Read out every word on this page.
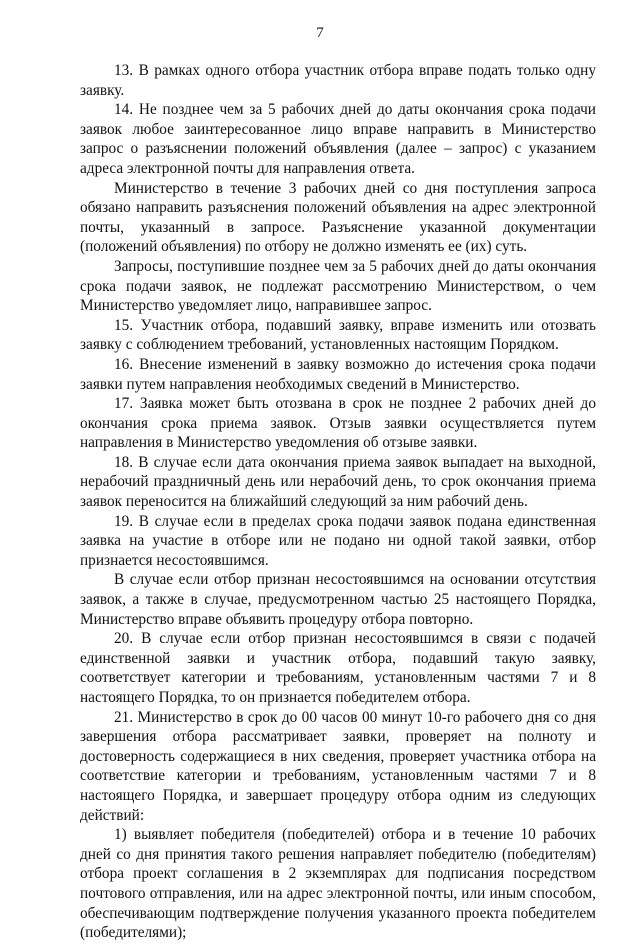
7

13. В рамках одного отбора участник отбора вправе подать только одну заявку.

14. Не позднее чем за 5 рабочих дней до даты окончания срока подачи заявок любое заинтересованное лицо вправе направить в Министерство запрос о разъяснении положений объявления (далее – запрос) с указанием адреса электронной почты для направления ответа.

Министерство в течение 3 рабочих дней со дня поступления запроса обязано направить разъяснения положений объявления на адрес электронной почты, указанный в запросе. Разъяснение указанной документации (положений объявления) по отбору не должно изменять ее (их) суть.

Запросы, поступившие позднее чем за 5 рабочих дней до даты окончания срока подачи заявок, не подлежат рассмотрению Министерством, о чем Министерство уведомляет лицо, направившее запрос.

15. Участник отбора, подавший заявку, вправе изменить или отозвать заявку с соблюдением требований, установленных настоящим Порядком.

16. Внесение изменений в заявку возможно до истечения срока подачи заявки путем направления необходимых сведений в Министерство.

17. Заявка может быть отозвана в срок не позднее 2 рабочих дней до окончания срока приема заявок. Отзыв заявки осуществляется путем направления в Министерство уведомления об отзыве заявки.

18. В случае если дата окончания приема заявок выпадает на выходной, нерабочий праздничный день или нерабочий день, то срок окончания приема заявок переносится на ближайший следующий за ним рабочий день.

19. В случае если в пределах срока подачи заявок подана единственная заявка на участие в отборе или не подано ни одной такой заявки, отбор признается несостоявшимся.

В случае если отбор признан несостоявшимся на основании отсутствия заявок, а также в случае, предусмотренном частью 25 настоящего Порядка, Министерство вправе объявить процедуру отбора повторно.

20. В случае если отбор признан несостоявшимся в связи с подачей единственной заявки и участник отбора, подавший такую заявку, соответствует категории и требованиям, установленным частями 7 и 8 настоящего Порядка, то он признается победителем отбора.

21. Министерство в срок до 00 часов 00 минут 10-го рабочего дня со дня завершения отбора рассматривает заявки, проверяет на полноту и достоверность содержащиеся в них сведения, проверяет участника отбора на соответствие категории и требованиям, установленным частями 7 и 8 настоящего Порядка, и завершает процедуру отбора одним из следующих действий:

1) выявляет победителя (победителей) отбора и в течение 10 рабочих дней со дня принятия такого решения направляет победителю (победителям) отбора проект соглашения в 2 экземплярах для подписания посредством почтового отправления, или на адрес электронной почты, или иным способом, обеспечивающим подтверждение получения указанного проекта победителем (победителями);
